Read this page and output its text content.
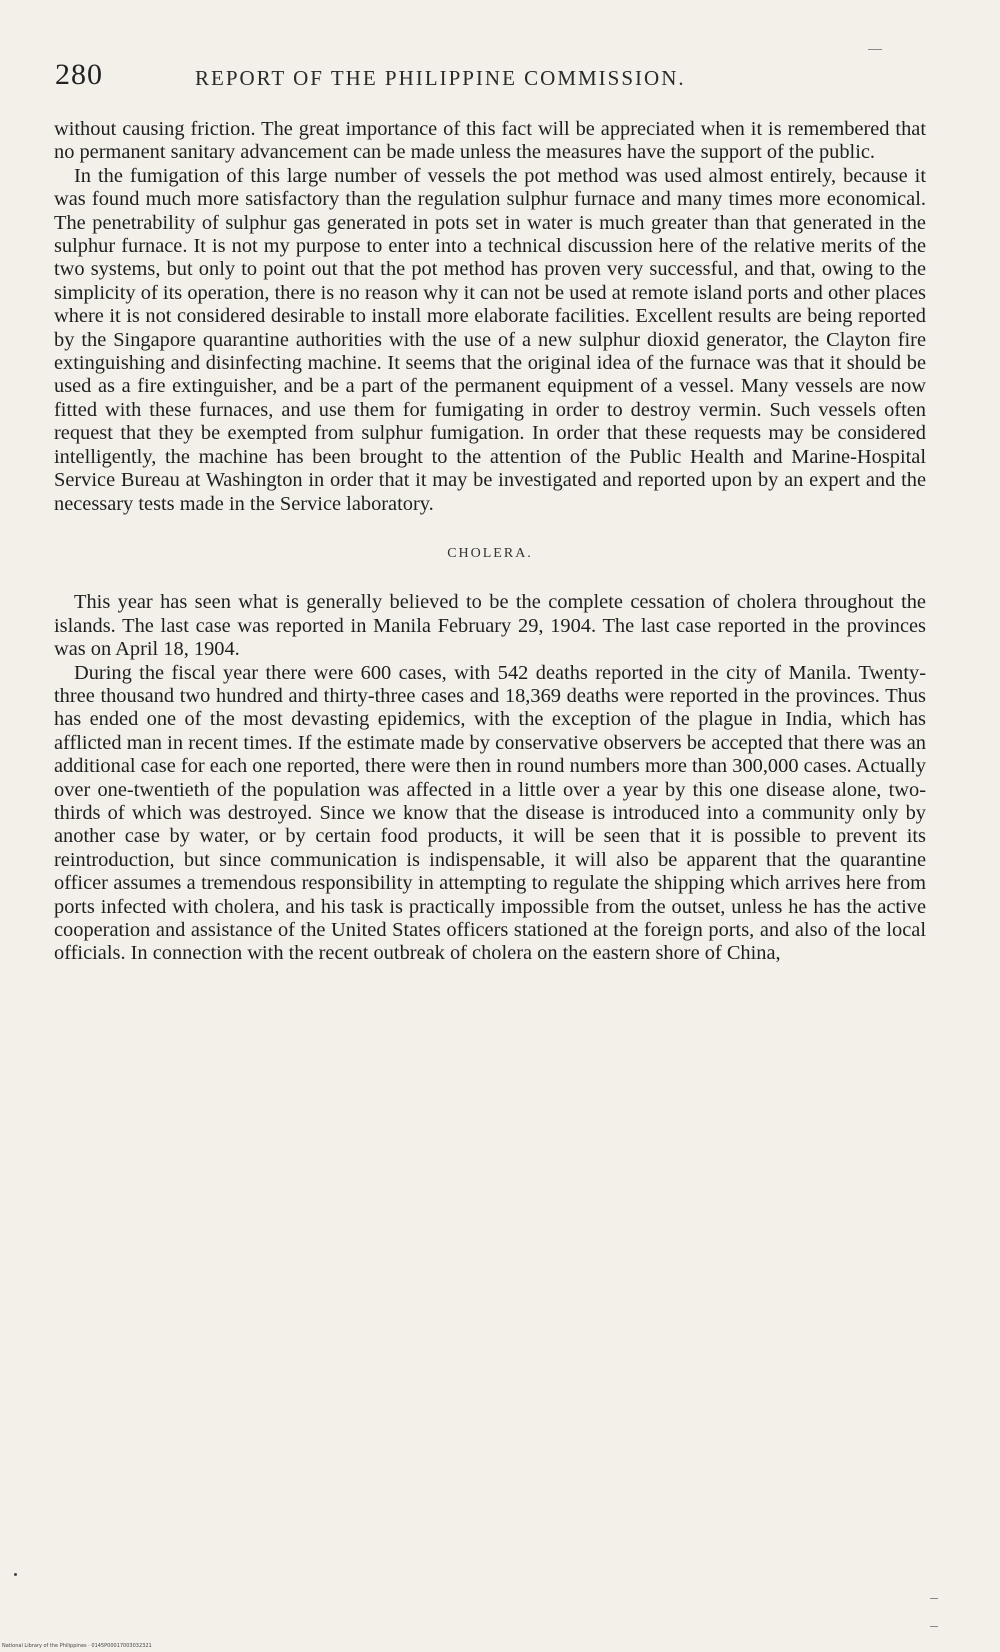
280	REPORT OF THE PHILIPPINE COMMISSION.

without causing friction. The great importance of this fact will be appreciated when it is remembered that no permanent sanitary advancement can be made unless the measures have the support of the public.

In the fumigation of this large number of vessels the pot method was used almost entirely, because it was found much more satisfactory than the regulation sulphur furnace and many times more economical. The penetrability of sulphur gas generated in pots set in water is much greater than that generated in the sulphur furnace. It is not my purpose to enter into a technical discussion here of the relative merits of the two systems, but only to point out that the pot method has proven very successful, and that, owing to the simplicity of its operation, there is no reason why it can not be used at remote island ports and other places where it is not considered desirable to install more elaborate facilities. Excellent results are being reported by the Singapore quarantine authorities with the use of a new sulphur dioxid generator, the Clayton fire extinguishing and disinfecting machine. It seems that the original idea of the furnace was that it should be used as a fire extinguisher, and be a part of the permanent equipment of a vessel. Many vessels are now fitted with these furnaces, and use them for fumigating in order to destroy vermin. Such vessels often request that they be exempted from sulphur fumigation. In order that these requests may be considered intelligently, the machine has been brought to the attention of the Public Health and Marine-Hospital Service Bureau at Washington in order that it may be investigated and reported upon by an expert and the necessary tests made in the Service laboratory.

CHOLERA.

This year has seen what is generally believed to be the complete cessation of cholera throughout the islands. The last case was reported in Manila February 29, 1904. The last case reported in the provinces was on April 18, 1904.

During the fiscal year there were 600 cases, with 542 deaths reported in the city of Manila. Twenty-three thousand two hundred and thirty-three cases and 18,369 deaths were reported in the provinces. Thus has ended one of the most devasting epidemics, with the exception of the plague in India, which has afflicted man in recent times. If the estimate made by conservative observers be accepted that there was an additional case for each one reported, there were then in round numbers more than 300,000 cases. Actually over one-twentieth of the population was affected in a little over a year by this one disease alone, two-thirds of which was destroyed. Since we know that the disease is introduced into a community only by another case by water, or by certain food products, it will be seen that it is possible to prevent its reintroduction, but since communication is indispensable, it will also be apparent that the quarantine officer assumes a tremendous responsibility in attempting to regulate the shipping which arrives here from ports infected with cholera, and his task is practically impossible from the outset, unless he has the active cooperation and assistance of the United States officers stationed at the foreign ports, and also of the local officials. In connection with the recent outbreak of cholera on the eastern shore of China,

National Library of the Philippines · 0145P00017003032321
